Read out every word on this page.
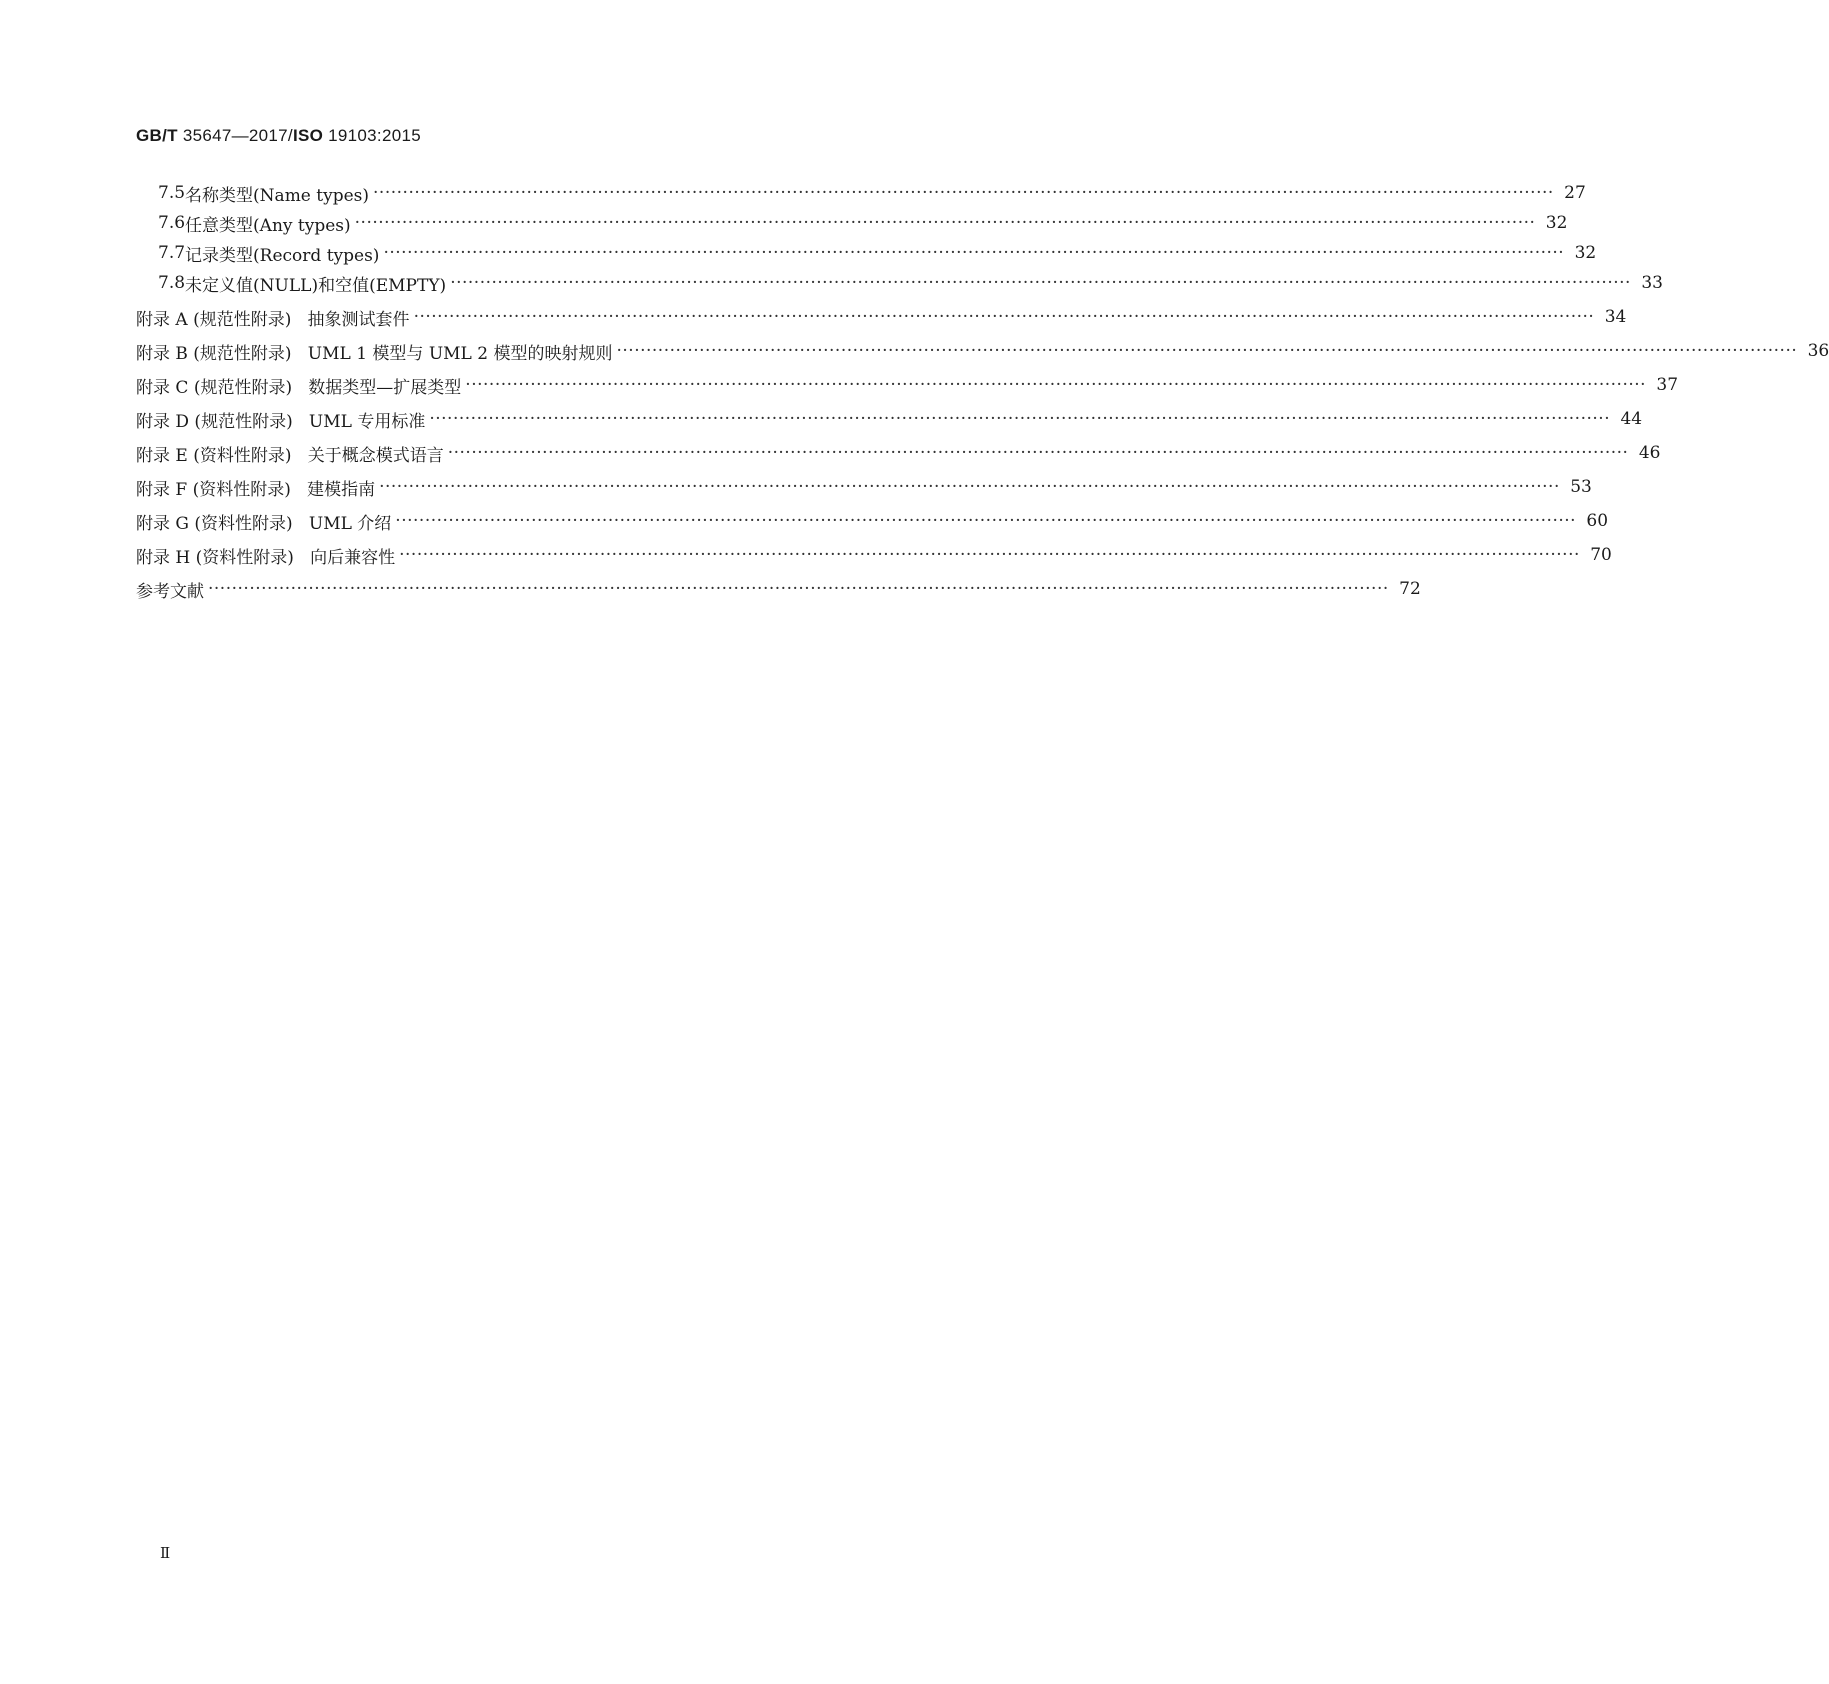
GB/T 35647—2017/ISO 19103:2015
7.5 名称类型(Name types) ········································································································································································································ 27
7.6 任意类型(Any types) ········································································································································································································ 32
7.7 记录类型(Record types) ········································································································································································································ 32
7.8 未定义值(NULL)和空值(EMPTY) ········································································································································································································ 33
附录 A (规范性附录)   抽象测试套件 ········································································································································································································ 34
附录 B (规范性附录)   UML 1 模型与 UML 2 模型的映射规则 ········································································································································································································ 36
附录 C (规范性附录)   数据类型—扩展类型 ········································································································································································································ 37
附录 D (规范性附录)   UML 专用标准 ········································································································································································································ 44
附录 E (资料性附录)   关于概念模式语言 ········································································································································································································ 46
附录 F (资料性附录)   建模指南 ········································································································································································································ 53
附录 G (资料性附录)   UML 介绍 ········································································································································································································ 60
附录 H (资料性附录)   向后兼容性 ········································································································································································································ 70
参考文献 ········································································································································································································ 72
Ⅱ
